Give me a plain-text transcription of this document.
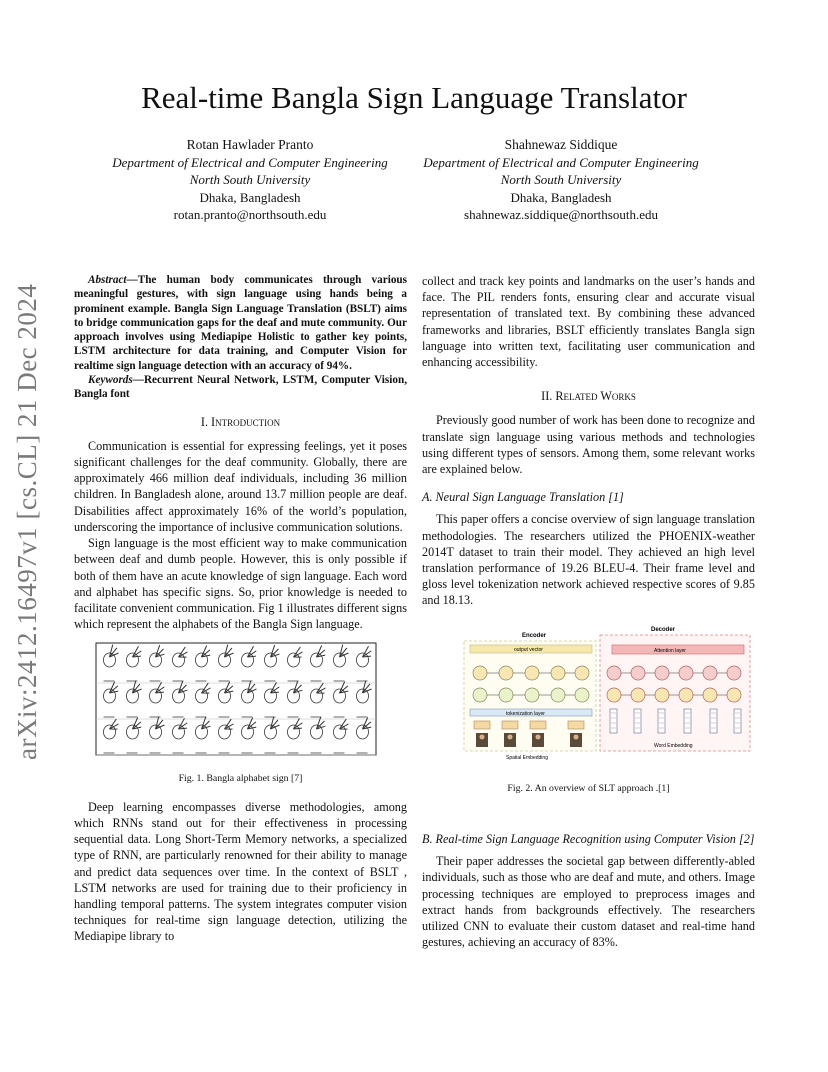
arXiv:2412.16497v1 [cs.CL] 21 Dec 2024
Real-time Bangla Sign Language Translator
Rotan Hawlader Pranto
Department of Electrical and Computer Engineering
North South University
Dhaka, Bangladesh
rotan.pranto@northsouth.edu
Shahnewaz Siddique
Department of Electrical and Computer Engineering
North South University
Dhaka, Bangladesh
shahnewaz.siddique@northsouth.edu

Abstract—The human body communicates through various meaningful gestures, with sign language using hands being a prominent example. Bangla Sign Language Translation (BSLT) aims to bridge communication gaps for the deaf and mute community. Our approach involves using Mediapipe Holistic to gather key points, LSTM architecture for data training, and Computer Vision for realtime sign language detection with an accuracy of 94%.

Keywords—Recurrent Neural Network, LSTM, Computer Vision, Bangla font

I. Introduction

Communication is essential for expressing feelings, yet it poses significant challenges for the deaf community. Globally, there are approximately 466 million deaf individuals, including 36 million children. In Bangladesh alone, around 13.7 million people are deaf. Disabilities affect approximately 16% of the world’s population, underscoring the importance of inclusive communication solutions.

Sign language is the most efficient way to make communication between deaf and dumb people. However, this is only possible if both of them have an acute knowledge of sign language. Each word and alphabet has specific signs. So, prior knowledge is needed to facilitate convenient communication. Fig 1 illustrates different signs which represent the alphabets of the Bangla Sign language.

Fig. 1. Bangla alphabet sign [7]

Deep learning encompasses diverse methodologies, among which RNNs stand out for their effectiveness in processing sequential data. Long Short-Term Memory networks, a specialized type of RNN, are particularly renowned for their ability to manage and predict data sequences over time. In the context of BSLT , LSTM networks are used for training due to their proficiency in handling temporal patterns. The system integrates computer vision techniques for real-time sign language detection, utilizing the Mediapipe library to

collect and track key points and landmarks on the user’s hands and face. The PIL renders fonts, ensuring clear and accurate visual representation of translated text. By combining these advanced frameworks and libraries, BSLT efficiently translates Bangla sign language into written text, facilitating user communication and enhancing accessibility.

II. Related Works

Previously good number of work has been done to recognize and translate sign language using various methods and technologies using different types of sensors. Among them, some relevant works are explained below.

A. Neural Sign Language Translation [1]

This paper offers a concise overview of sign language translation methodologies. The researchers utilized the PHOENIX-weather 2014T dataset to train their model. They achieved an high level translation performance of 19.26 BLEU-4. Their frame level and gloss level tokenization network achieved respective scores of 9.85 and 18.13.

Decoder
Attention layer
Encoder
output vector
tokenization layer
Spatial Embedding
Word Embedding
Fig. 2. An overview of SLT approach .[1]
B. Real-time Sign Language Recognition using Computer Vision [2]

Their paper addresses the societal gap between differently-abled individuals, such as those who are deaf and mute, and others. Image processing techniques are employed to preprocess images and extract hands from backgrounds effectively. The researchers utilized CNN to evaluate their custom dataset and real-time hand gestures, achieving an accuracy of 83%.
